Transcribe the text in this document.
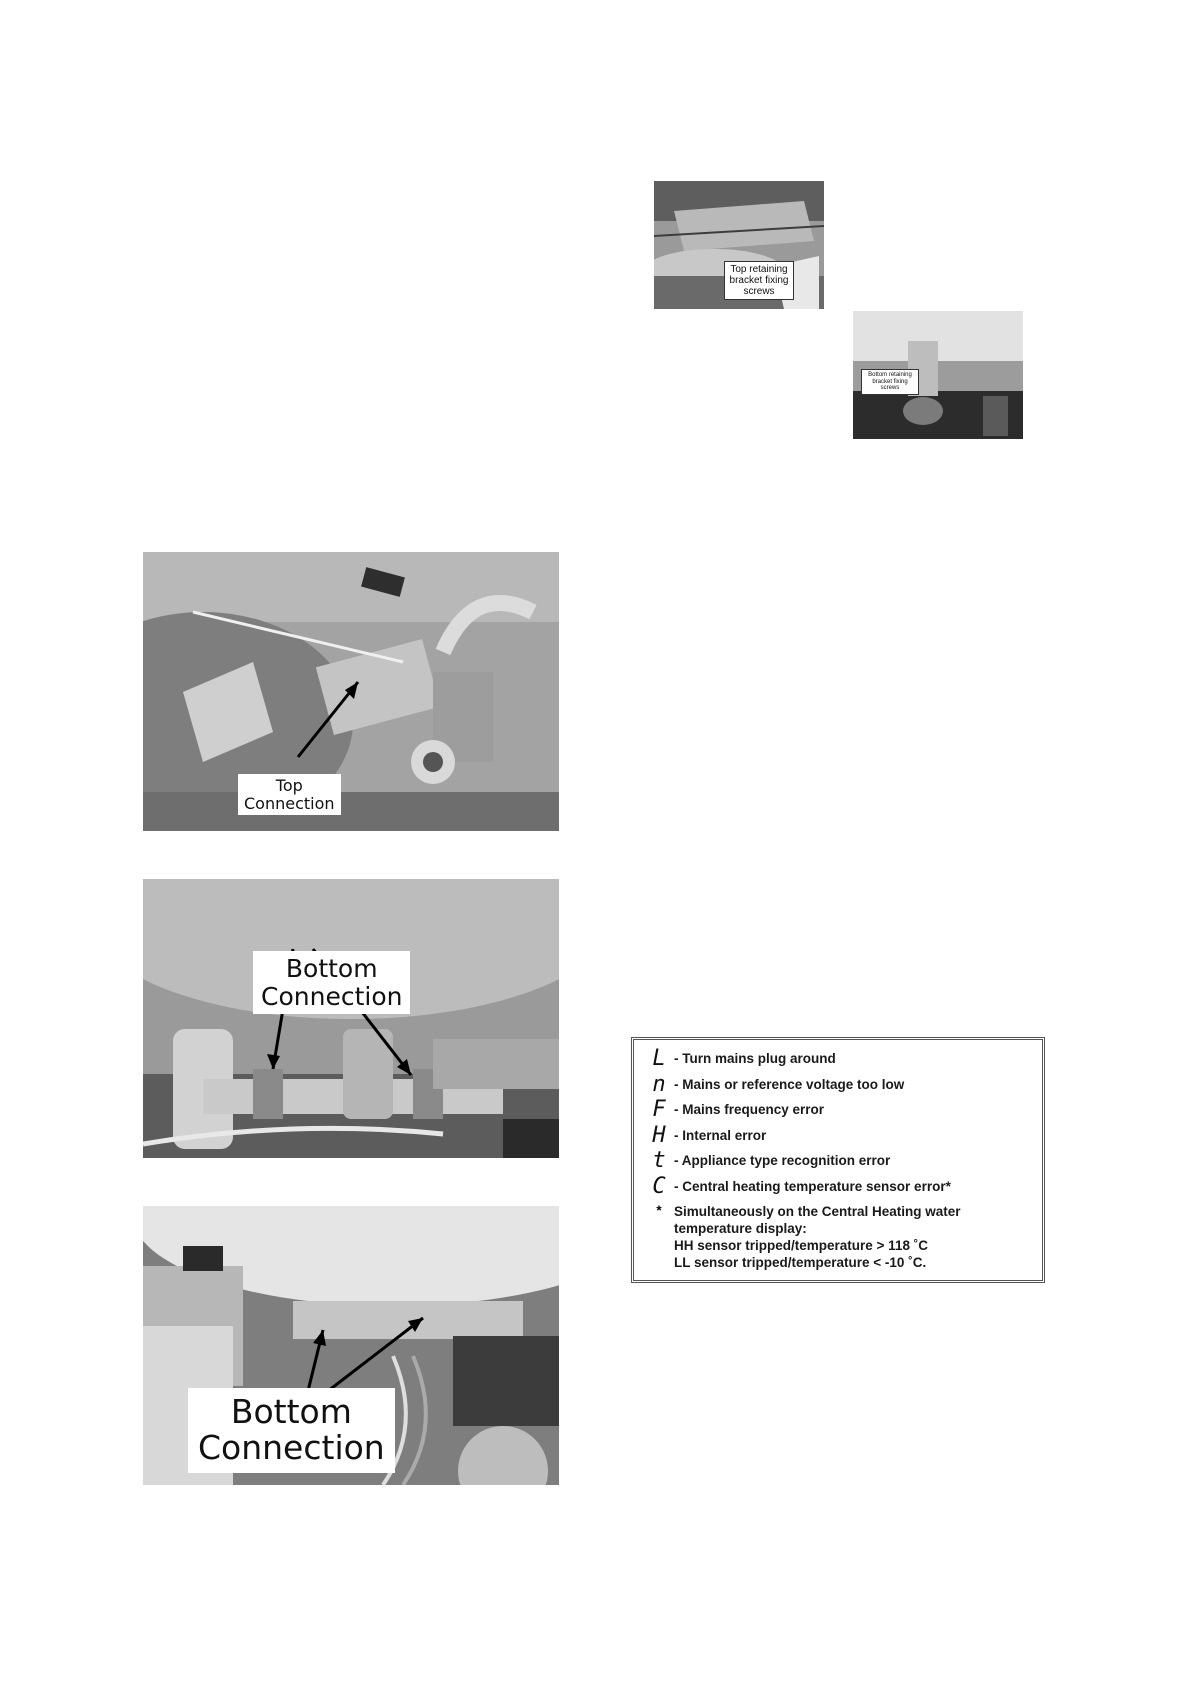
Top retaining
bracket fixing
screws
Bottom retaining
bracket fixing
screws
Top
Connection
Bottom
Connection
Bottom
Connection
L - Turn mains plug around
n - Mains or reference voltage too low
F - Mains frequency error
H - Internal error
t - Appliance type recognition error
C - Central heating temperature sensor error*
* Simultaneously on the Central Heating water
temperature display:
HH sensor tripped/temperature > 118 ˚C
LL sensor tripped/temperature < -10 ˚C.
